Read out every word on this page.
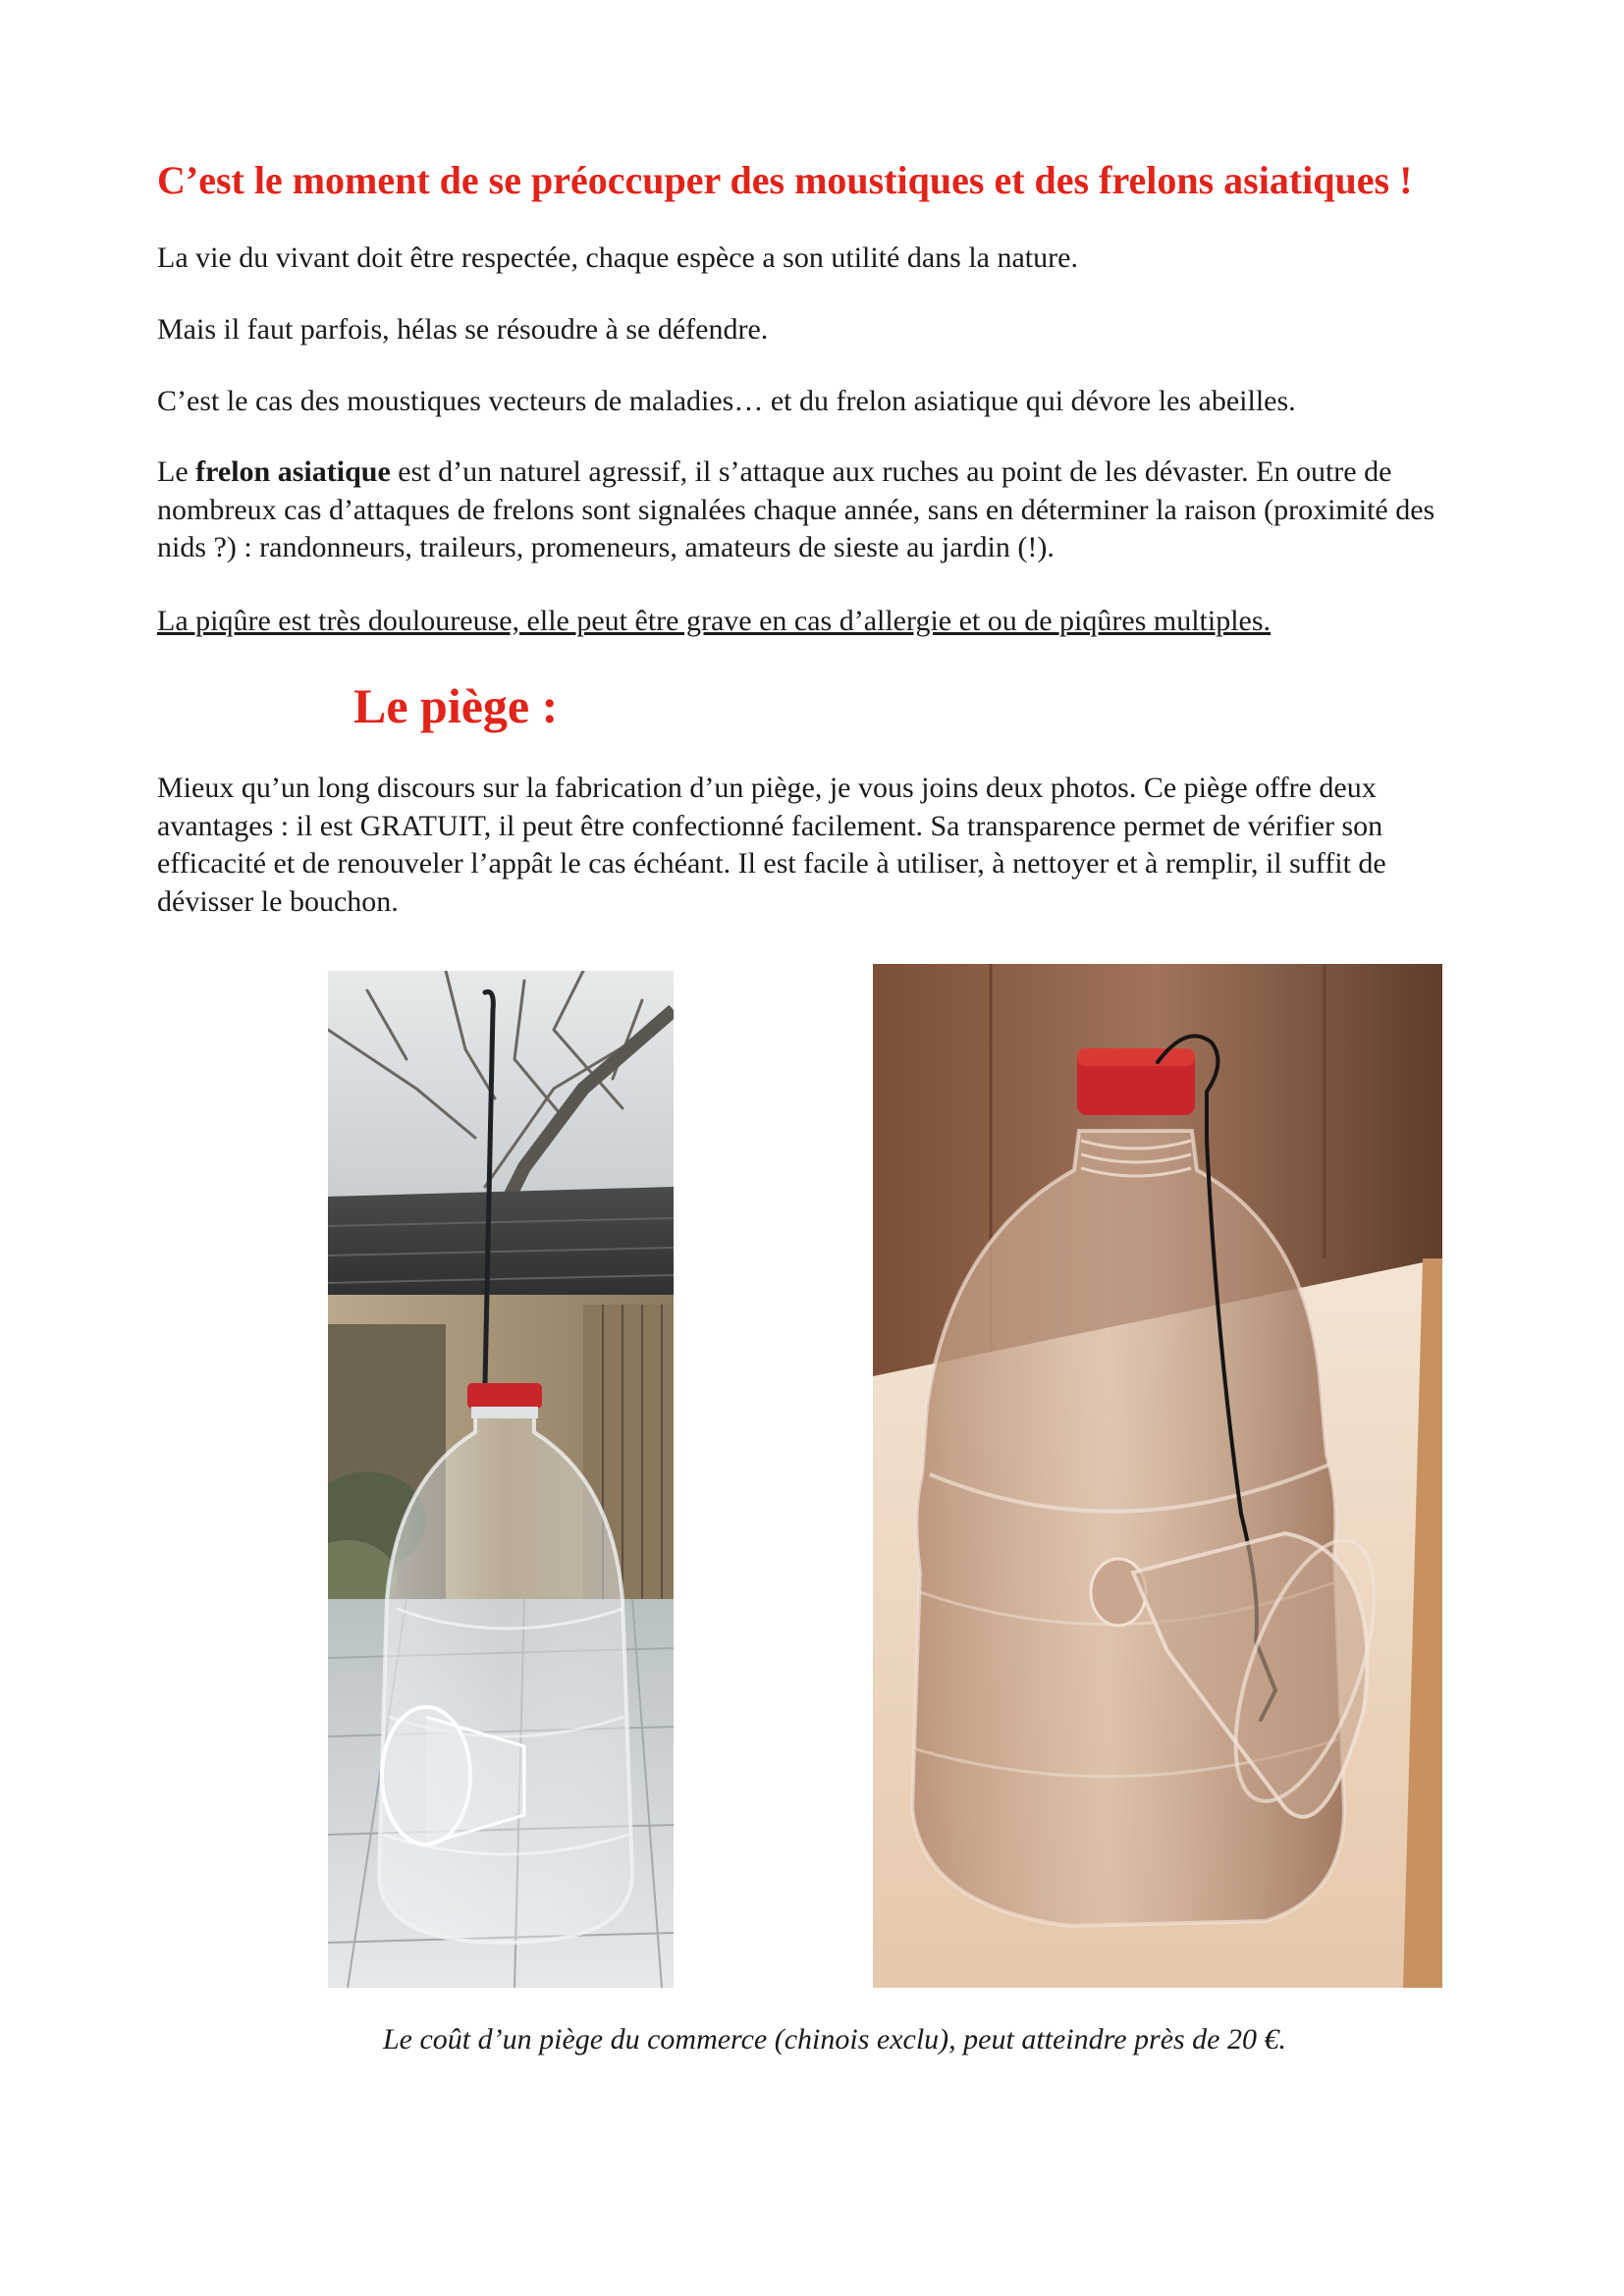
C’est le moment de se préoccuper des moustiques et des frelons asiatiques !

La vie du vivant doit être respectée, chaque espèce a son utilité dans la nature.

Mais il faut parfois, hélas se résoudre à se défendre.

C’est le cas des moustiques vecteurs de maladies… et du frelon asiatique qui dévore les abeilles.

Le frelon asiatique est d’un naturel agressif, il s’attaque aux ruches au point de les dévaster. En outre de nombreux cas d’attaques de frelons sont signalées chaque année, sans en déterminer la raison (proximité des nids ?) : randonneurs, traileurs, promeneurs, amateurs de sieste au jardin (!).

La piqûre est très douloureuse, elle peut être grave en cas d’allergie et ou de piqûres multiples.

Le piège :

Mieux qu’un long discours sur la fabrication d’un piège, je vous joins deux photos. Ce piège offre deux avantages : il est GRATUIT, il peut être confectionné facilement. Sa transparence permet de vérifier son efficacité et de renouveler l’appât le cas échéant. Il est facile à utiliser, à nettoyer et à remplir, il suffit de dévisser le bouchon.

Le coût d’un piège du commerce (chinois exclu), peut atteindre près de 20 €.
